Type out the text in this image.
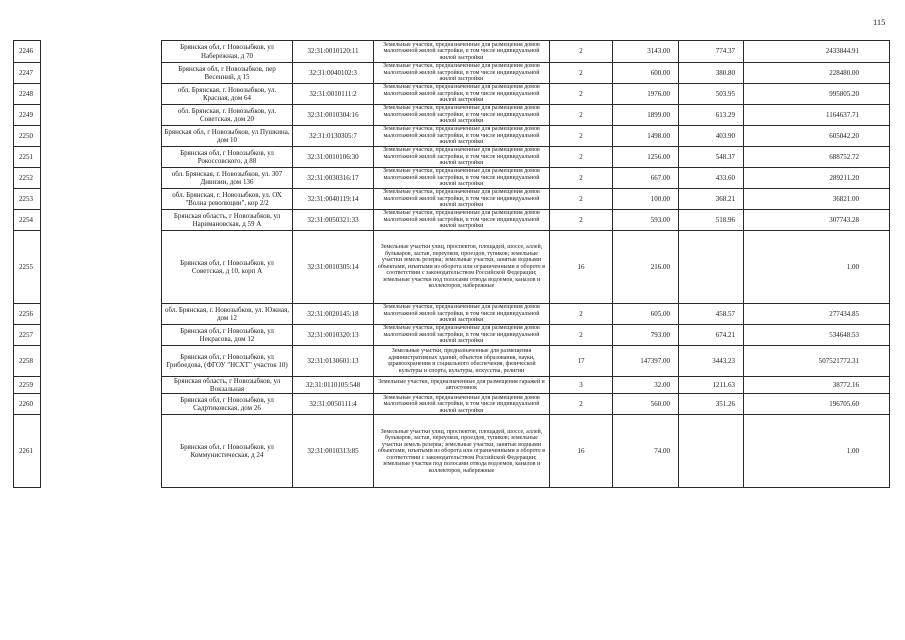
115
2246		Брянская обл, г Новозыбков, ул Набережная, д 70	32:31:0010120:11	Земельные участки, предназначенные для размещения домов малоэтажной жилой застройки, в том числе индивидуальной жилой застройки	2	3143.00	774.37	2433844.91
2247		Брянская обл, г Новозыбков, пер Весенний, д 15	32:31:0040102:3	Земельные участки, предназначенные для размещения домов малоэтажной жилой застройки, в том числе индивидуальной жилой застройки	2	600.00	380.80	228480.00
2248		обл. Брянская, г. Новозыбков, ул. Красная, дом 64	32:31:0010111:2	Земельные участки, предназначенные для размещения домов малоэтажной жилой застройки, в том числе индивидуальной жилой застройки	2	1976.00	503.95	995805.20
2249		обл. Брянская, г. Новозыбков, ул. Советская, дом 20	32:31:0010304:16	Земельные участки, предназначенные для размещения домов малоэтажной жилой застройки, в том числе индивидуальной жилой застройки	2	1899.00	613.29	1164637.71
2250		Брянская обл, г Новозыбков, ул Пушкина, дом 10	32:31:0130305:7	Земельные участки, предназначенные для размещения домов малоэтажной жилой застройки, в том числе индивидуальной жилой застройки	2	1498.00	403.90	605042.20
2251		Брянская обл, г Новозыбков, ул Рокоссовского, д 88	32:31:0010106:30	Земельные участки, предназначенные для размещения домов малоэтажной жилой застройки, в том числе индивидуальной жилой застройки	2	1256.00	548.37	688752.72
2252		обл. Брянская, г. Новозыбков, ул. 307 Дивизии, дом 136	32:31:0030316:17	Земельные участки, предназначенные для размещения домов малоэтажной жилой застройки, в том числе индивидуальной жилой застройки	2	667.00	433.60	289211.20
2253		обл. Брянская, г. Новозыбков, ул. ОХ "Волна революции", кор 2/2	32:31:0040119:14	Земельные участки, предназначенные для размещения домов малоэтажной жилой застройки, в том числе индивидуальной жилой застройки	2	100.00	368.21	36821.00
2254		Брянская область, г Новозыбков, ул Наримановская, д 59 А	32:31:0050321:33	Земельные участки, предназначенные для размещения домов малоэтажной жилой застройки, в том числе индивидуальной жилой застройки	2	593.00	518.96	307743.28
2255		Брянская обл, г Новозыбков, ул Советская, д 10, корп А	32:31:0010305:14	Земельные участки улиц, проспектов, площадей, шоссе, аллей, бульваров, застав, переулков, проездов, тупиков; земельные участки земель резерва; земельные участки, занятые водными объектами, изъятыми из оборота или ограниченными в обороте в соответствии с законодательством Российской Федерации; земельные участки под полосами отвода водоемов, каналов и коллекторов, набережные	16	216.00		1.00
2256		обл. Брянская, г. Новозыбков, ул. Южная, дом 12	32:31:0020145:18	Земельные участки, предназначенные для размещения домов малоэтажной жилой застройки, в том числе индивидуальной жилой застройки	2	605.00	458.57	277434.85
2257		Брянская обл, г Новозыбков, ул Некрасова, дом 12	32:31:0010320:13	Земельные участки, предназначенные для размещения домов малоэтажной жилой застройки, в том числе индивидуальной жилой застройки	2	793.00	674.21	534648.53
2258		Брянская обл, г Новозыбков, ул Грибоедова, (ФГОУ "НСХТ" участок 10)	32:31:0130601:13	Земельные участки, предназначенные для размещения административных зданий, объектов образования, науки, здравоохранения и социального обеспечения, физической культуры и спорта, культуры, искусства, религии	17	147397.00	3443.23	507521772.31
2259		Брянская область, г Новозыбков, ул Вокзальная	32:31:0110105:548	Земельные участки, предназначенные для размещения гаражей и автостоянок	3	32.00	1211.63	38772.16
2260		Брянская обл, г Новозыбков, ул Садртиковская, дом 26	32:31:0050111:4	Земельные участки, предназначенные для размещения домов малоэтажной жилой застройки, в том числе индивидуальной жилой застройки	2	560.00	351.26	196705.60
2261		Брянская обл, г Новозыбков, ул Коммунистическая, д 24	32:31:0010313:85	Земельные участки улиц, проспектов, площадей, шоссе, аллей, бульваров, застав, переулков, проездов, тупиков; земельные участки земель резерва; земельные участки, занятые водными объектами, изъятыми из оборота или ограниченными в обороте в соответствии с законодательством Российской Федерации; земельные участки под полосами отвода водоемов, каналов и коллекторов, набережные	16	74.00		1.00
